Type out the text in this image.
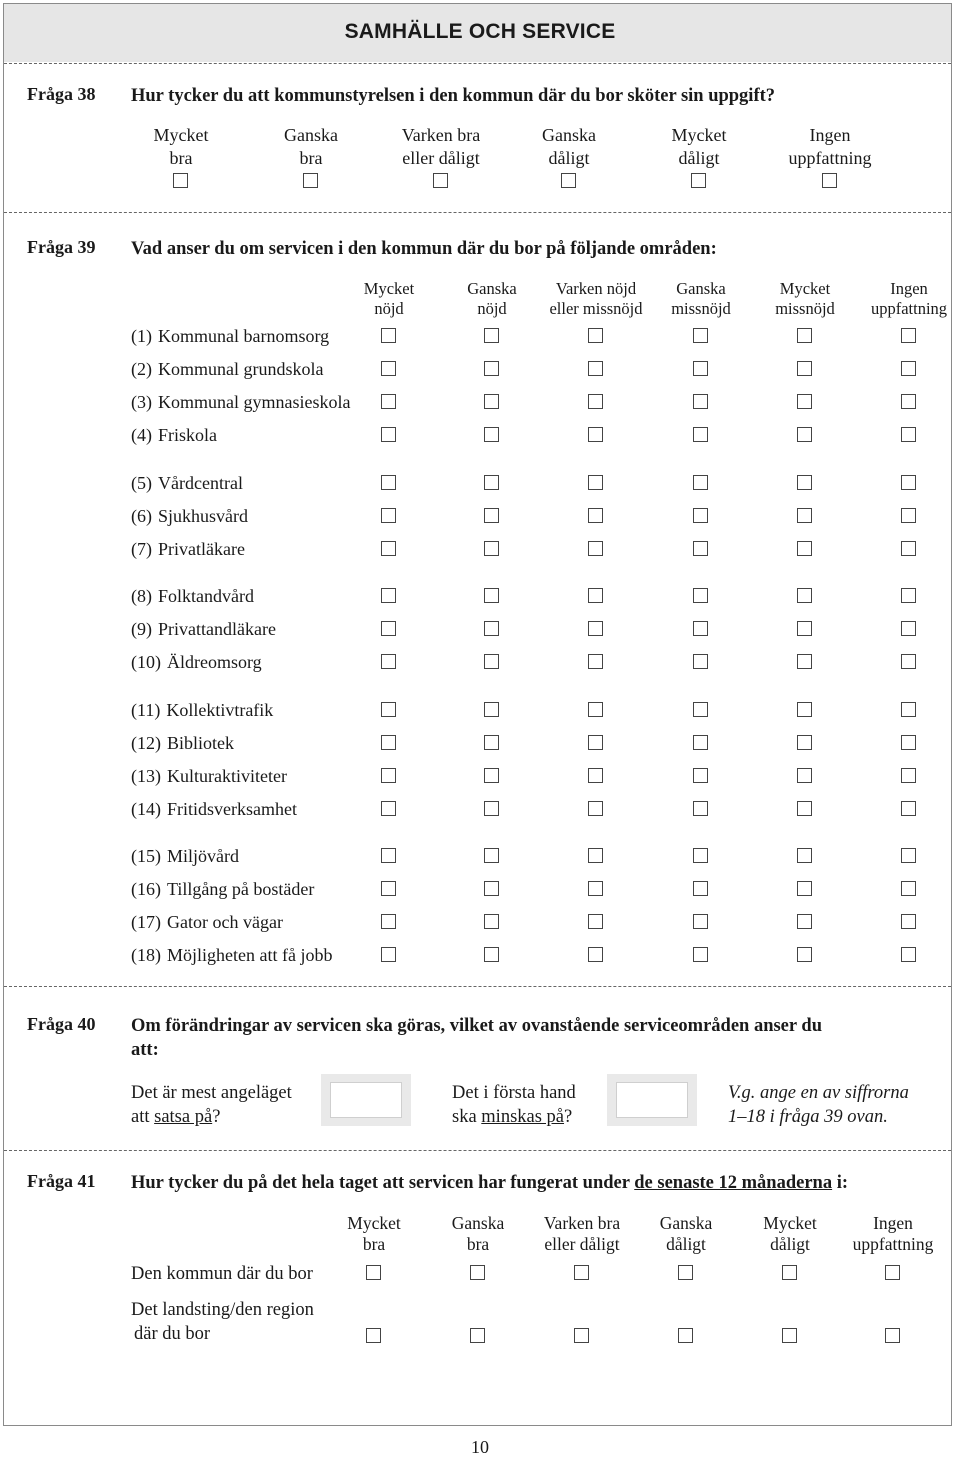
SAMHÄLLE OCH SERVICE
Fråga 38 Hur tycker du att kommunstyrelsen i den kommun där du bor sköter sin uppgift?
Mycket
bra
Ganska
bra
Varken bra
eller dåligt
Ganska
dåligt
Mycket
dåligt
Ingen
uppfattning
Fråga 39 Vad anser du om servicen i den kommun där du bor på följande områden:
Mycket
nöjd
Ganska
nöjd
Varken nöjd
eller missnöjd
Ganska
missnöjd
Mycket
missnöjd
Ingen
uppfattning
(1) Kommunal barnomsorg
(2) Kommunal grundskola
(3) Kommunal gymnasieskola
(4) Friskola
(5) Vårdcentral
(6) Sjukhusvård
(7) Privatläkare
(8) Folktandvård
(9) Privattandläkare
(10) Äldreomsorg
(11) Kollektivtrafik
(12) Bibliotek
(13) Kulturaktiviteter
(14) Fritidsverksamhet
(15) Miljövård
(16) Tillgång på bostäder
(17) Gator och vägar
(18) Möjligheten att få jobb
Fråga 40 Om förändringar av servicen ska göras, vilket av ovanstående serviceområden anser du
att:
Det är mest angeläget
att satsa på?
Det i första hand
ska minskas på?
V.g. ange en av siffrorna
1–18 i fråga 39 ovan.
Fråga 41 Hur tycker du på det hela taget att servicen har fungerat under de senaste 12 månaderna i:
Mycket
bra
Ganska
bra
Varken bra
eller dåligt
Ganska
dåligt
Mycket
dåligt
Ingen
uppfattning
Den kommun där du bor
Det landsting/den region
där du bor
10
